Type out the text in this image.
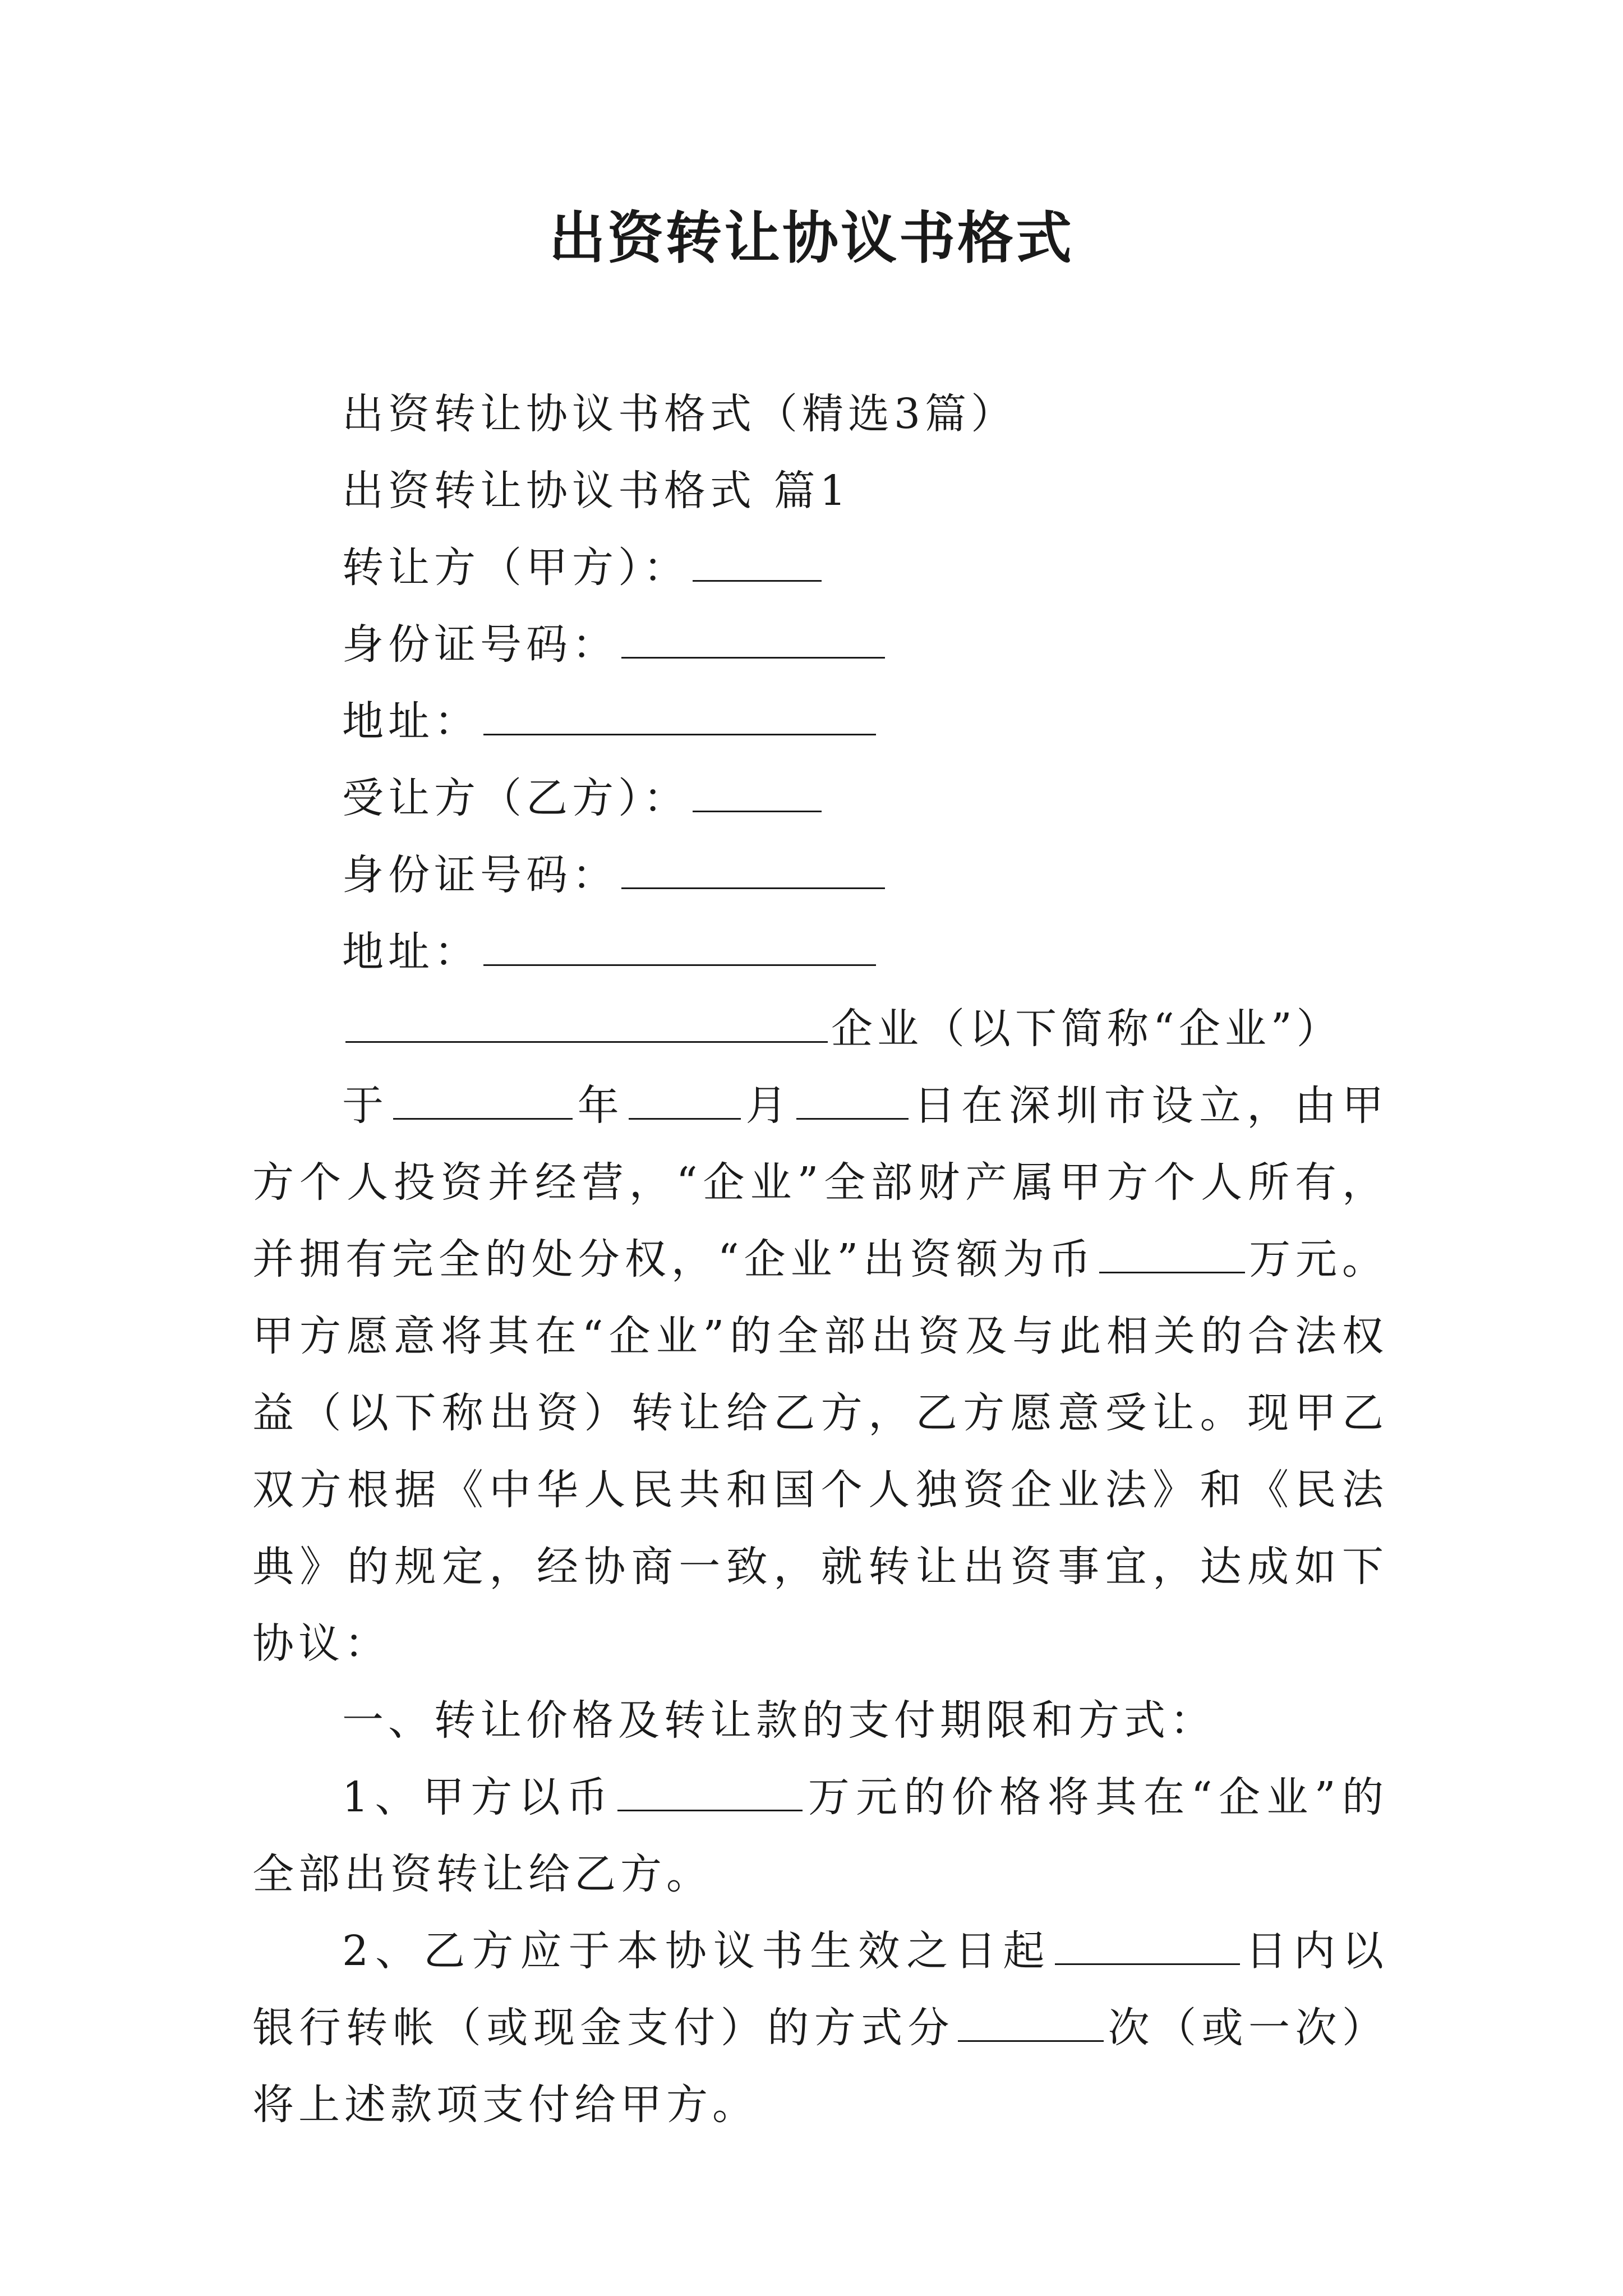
出资转让协议书格式
出资转让协议书格式（精选3篇）
出资转让协议书格式 篇1
转让方（甲方）：
身份证号码：
地址：
受让方（乙方）：
身份证号码：
地址：
企业（以下简称“企业”）

于	年	月	日在深圳市设立，由甲方个人投资并经营，“企业”全部财产属甲方个人所有，并拥有完全的处分权，“企业”出资额为币	万元。甲方愿意将其在“企业”的全部出资及与此相关的合法权益（以下称出资）转让给乙方，乙方愿意受让。现甲乙双方根据《中华人民共和国个人独资企业法》和《民法典》的规定，经协商一致，就转让出资事宜，达成如下协议：

一、转让价格及转让款的支付期限和方式：

1、甲方以币	万元的价格将其在“企业”的全部出资转让给乙方。

2、乙方应于本协议书生效之日起	日内以银行转帐（或现金支付）的方式分	次（或一次）将上述款项支付给甲方。
